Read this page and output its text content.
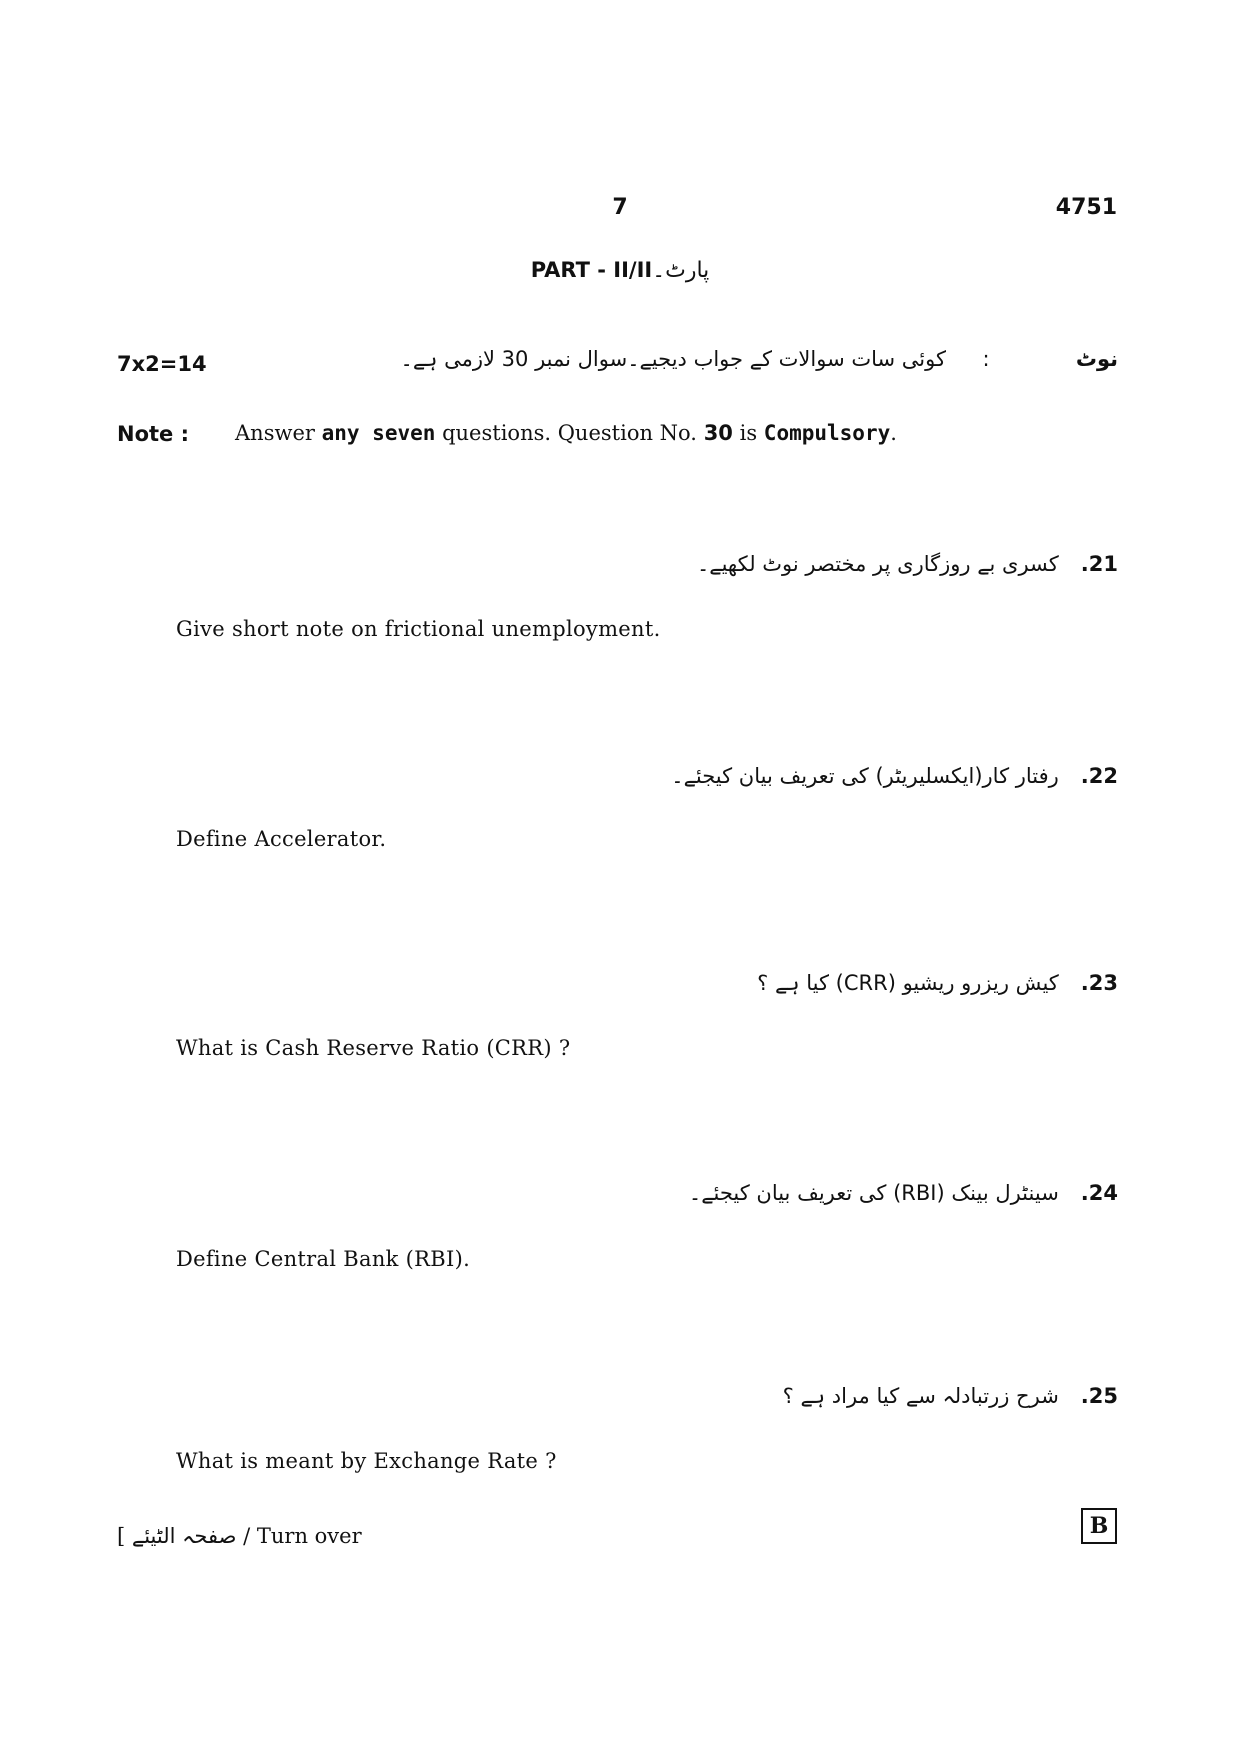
7	4751
PART - II/IIپارٹ۔
7x2=14	نوٹ:کوئی سات سوالات کے جواب دیجیے۔سوال نمبر 30 لازمی ہے۔
Note : Answer any seven questions. Question No. 30 is Compulsory.
.21کسری بے روزگاری پر مختصر نوٹ لکھیے۔
Give short note on frictional unemployment.
.22رفتار کار(ایکسلیریٹر) کی تعریف بیان کیجئے۔
Define Accelerator.
.23کیش ریزرو ریشیو (CRR) کیا ہے ؟
What is Cash Reserve Ratio (CRR) ?
.24سینٹرل بینک (RBI) کی تعریف بیان کیجئے۔
Define Central Bank (RBI).
.25شرح زرتبادلہ سے کیا مراد ہے ؟
What is meant by Exchange Rate ?
[ صفحہ الٹیئے / Turn over	B
